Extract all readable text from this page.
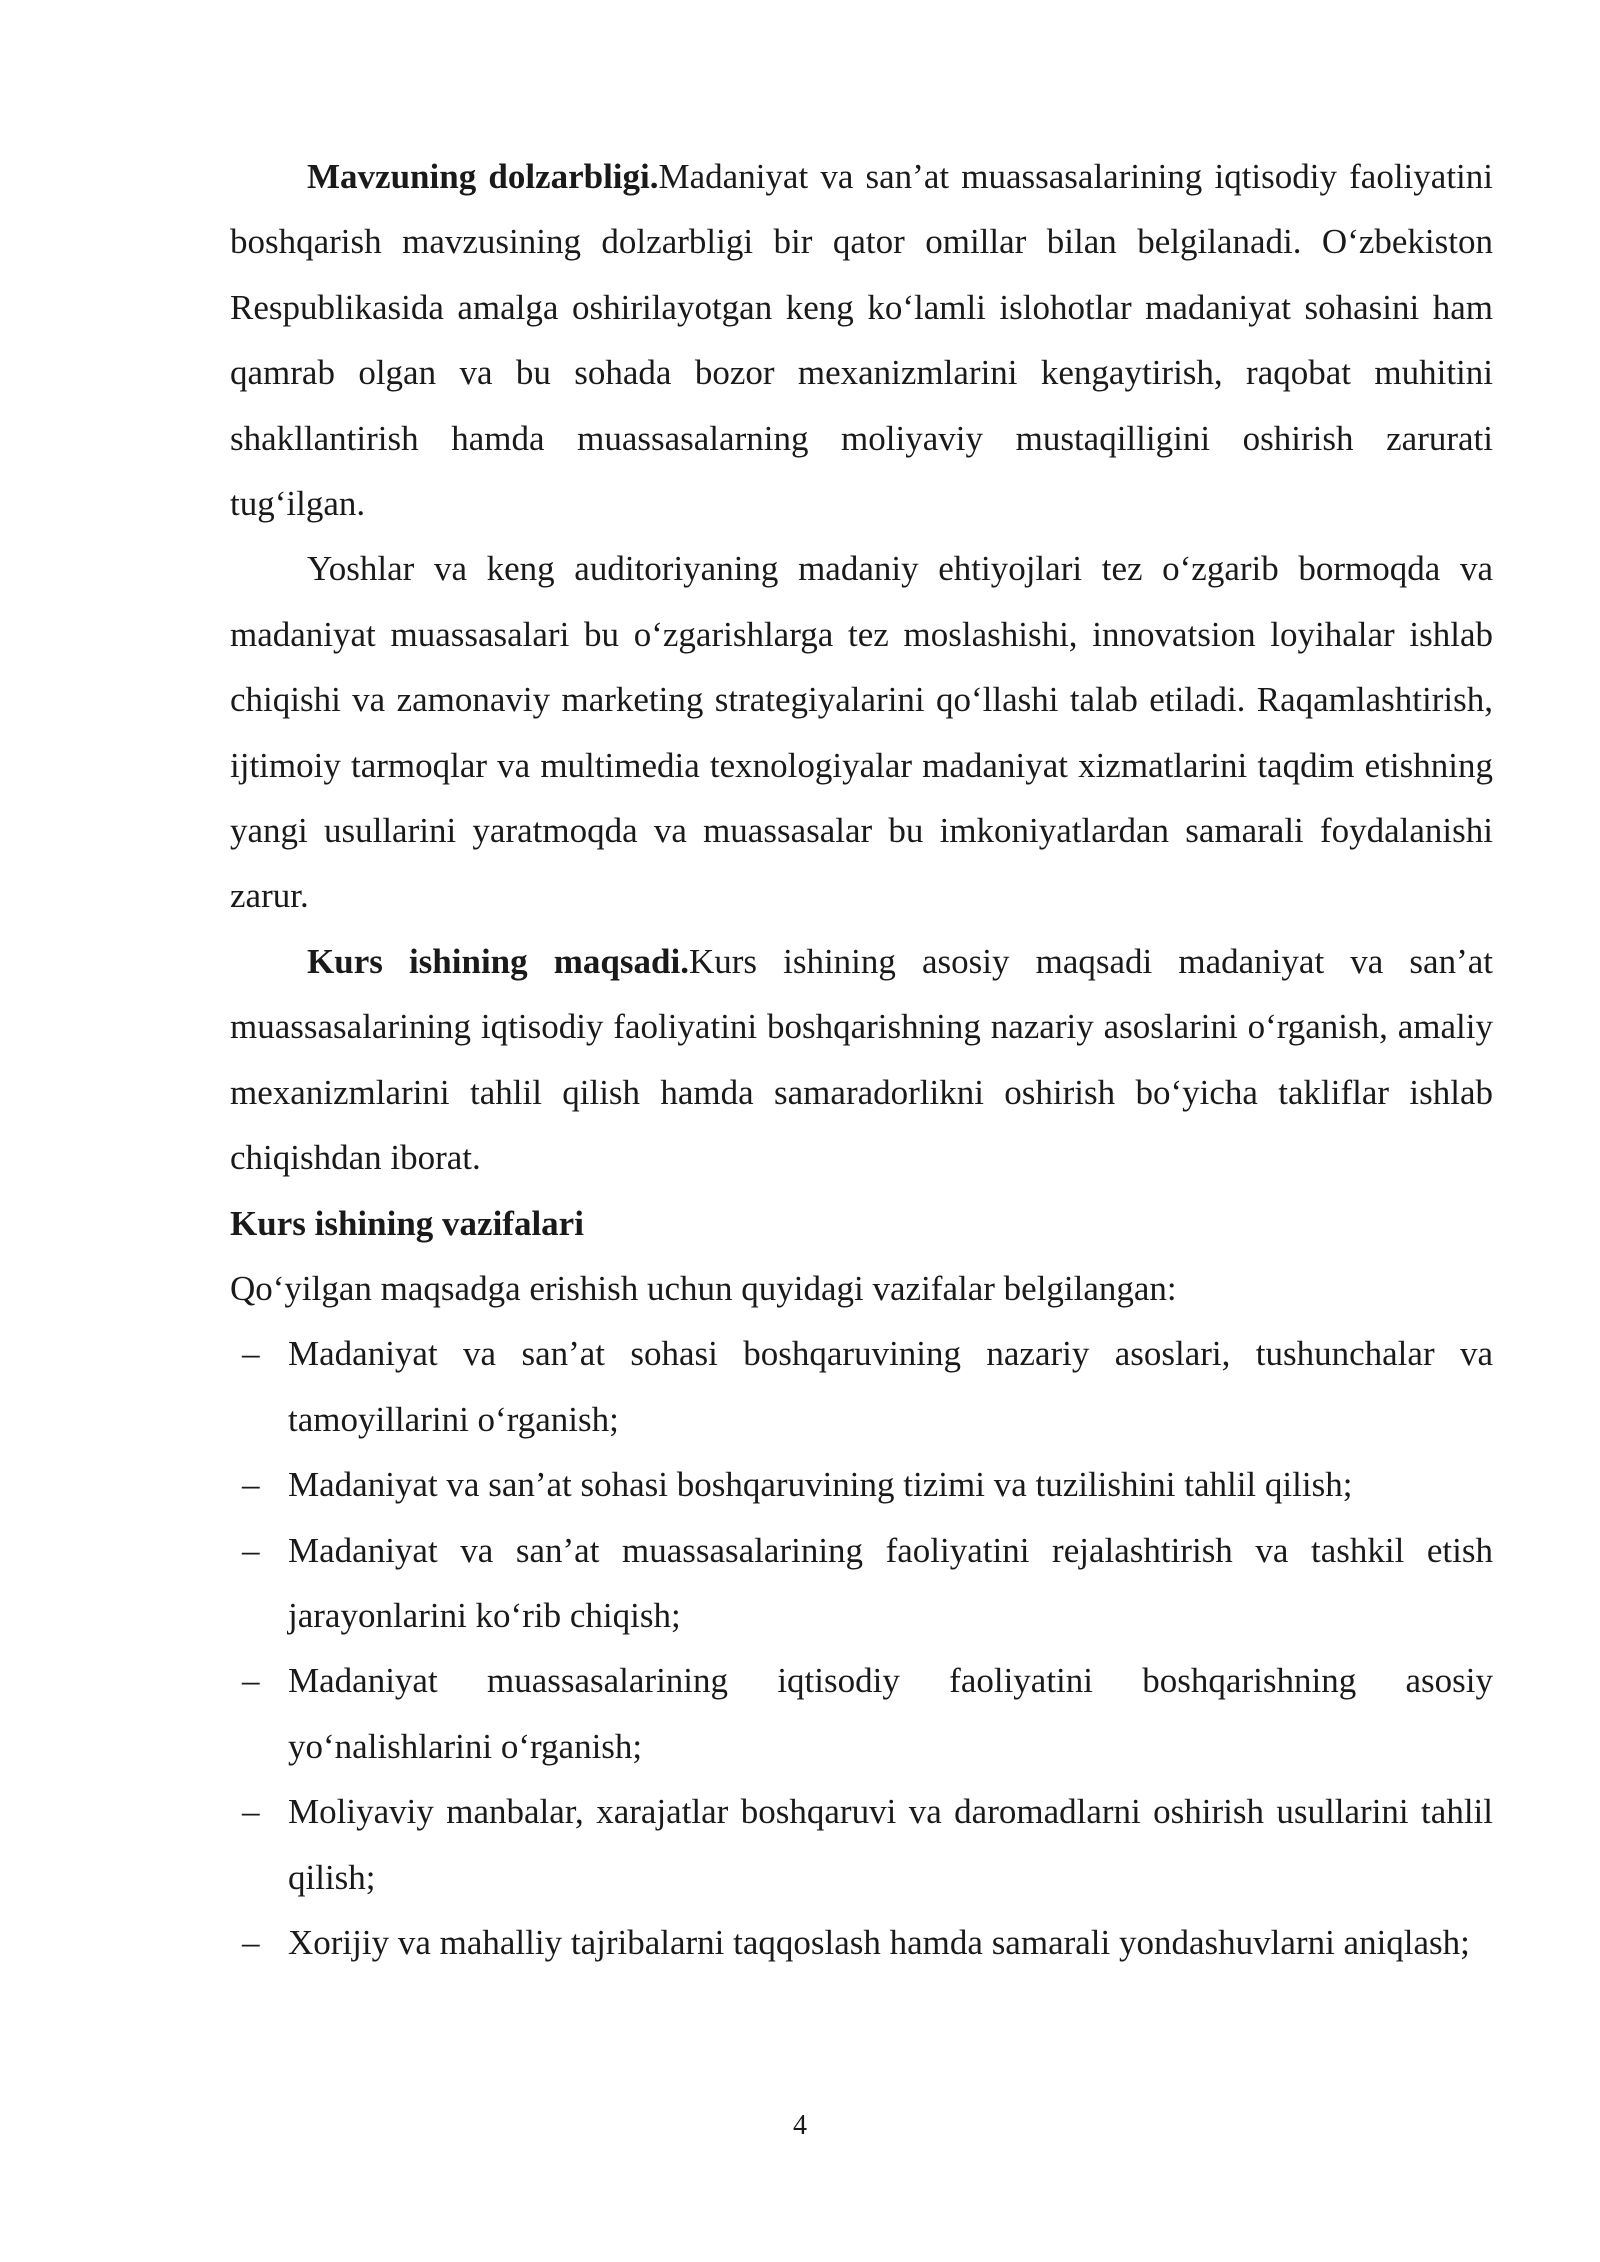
Mavzuning dolzarbligi.Madaniyat va san’at muassasalarining iqtisodiy faoliyatini boshqarish mavzusining dolzarbligi bir qator omillar bilan belgilanadi. O‘zbekiston Respublikasida amalga oshirilayotgan keng ko‘lamli islohotlar madaniyat sohasini ham qamrab olgan va bu sohada bozor mexanizmlarini kengaytirish, raqobat muhitini shakllantirish hamda muassasalarning moliyaviy mustaqilligini oshirish zarurati tug‘ilgan.

Yoshlar va keng auditoriyaning madaniy ehtiyojlari tez o‘zgarib bormoqda va madaniyat muassasalari bu o‘zgarishlarga tez moslashishi, innovatsion loyihalar ishlab chiqishi va zamonaviy marketing strategiyalarini qo‘llashi talab etiladi. Raqamlashtirish, ijtimoiy tarmoqlar va multimedia texnologiyalar madaniyat xizmatlarini taqdim etishning yangi usullarini yaratmoqda va muassasalar bu imkoniyatlardan samarali foydalanishi zarur.

Kurs ishining maqsadi.Kurs ishining asosiy maqsadi madaniyat va san’at muassasalarining iqtisodiy faoliyatini boshqarishning nazariy asoslarini o‘rganish, amaliy mexanizmlarini tahlil qilish hamda samaradorlikni oshirish bo‘yicha takliflar ishlab chiqishdan iborat.

Kurs ishining vazifalari

Qo‘yilgan maqsadga erishish uchun quyidagi vazifalar belgilangan:

– Madaniyat va san’at sohasi boshqaruvining nazariy asoslari, tushunchalar va tamoyillarini o‘rganish;
– Madaniyat va san’at sohasi boshqaruvining tizimi va tuzilishini tahlil qilish;
– Madaniyat va san’at muassasalarining faoliyatini rejalashtirish va tashkil etish jarayonlarini ko‘rib chiqish;
– Madaniyat muassasalarining iqtisodiy faoliyatini boshqarishning asosiy yo‘nalishlarini o‘rganish;
– Moliyaviy manbalar, xarajatlar boshqaruvi va daromadlarni oshirish usullarini tahlil qilish;
– Xorijiy va mahalliy tajribalarni taqqoslash hamda samarali yondashuvlarni aniqlash;
4
